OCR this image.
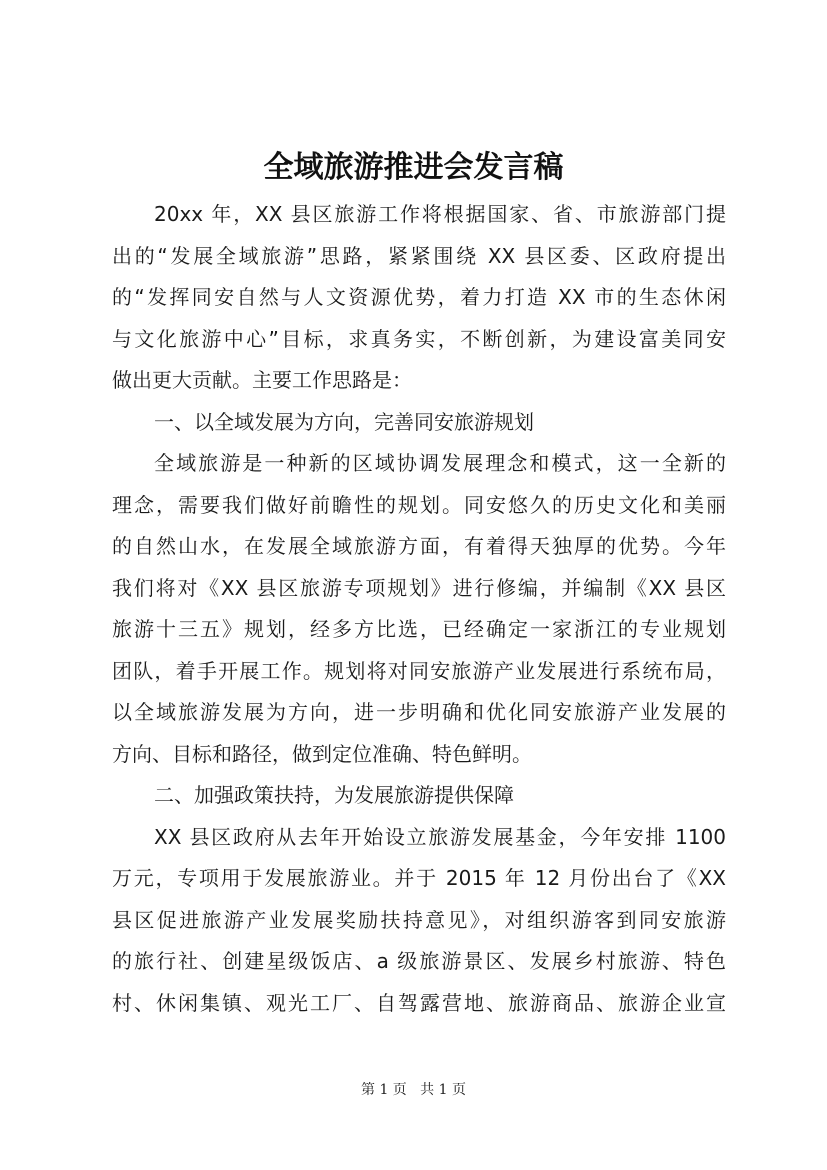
全域旅游推进会发言稿
20xx 年，XX 县区旅游工作将根据国家、省、市旅游部门提
出的“发展全域旅游”思路，紧紧围绕 XX 县区委、区政府提出
的“发挥同安自然与人文资源优势，着力打造 XX 市的生态休闲
与文化旅游中心”目标，求真务实，不断创新，为建设富美同安
做出更大贡献。主要工作思路是：
一、以全域发展为方向，完善同安旅游规划
全域旅游是一种新的区域协调发展理念和模式，这一全新的
理念，需要我们做好前瞻性的规划。同安悠久的历史文化和美丽
的自然山水，在发展全域旅游方面，有着得天独厚的优势。今年
我们将对《XX 县区旅游专项规划》进行修编，并编制《XX 县区
旅游十三五》规划，经多方比选，已经确定一家浙江的专业规划
团队，着手开展工作。规划将对同安旅游产业发展进行系统布局，
以全域旅游发展为方向，进一步明确和优化同安旅游产业发展的
方向、目标和路径，做到定位准确、特色鲜明。
二、加强政策扶持，为发展旅游提供保障
XX 县区政府从去年开始设立旅游发展基金，今年安排 1100
万元，专项用于发展旅游业。并于 2015 年 12 月份出台了《XX
县区促进旅游产业发展奖励扶持意见》，对组织游客到同安旅游
的旅行社、创建星级饭店、a 级旅游景区、发展乡村旅游、特色
村、休闲集镇、观光工厂、自驾露营地、旅游商品、旅游企业宣
第 1 页 共 1 页
